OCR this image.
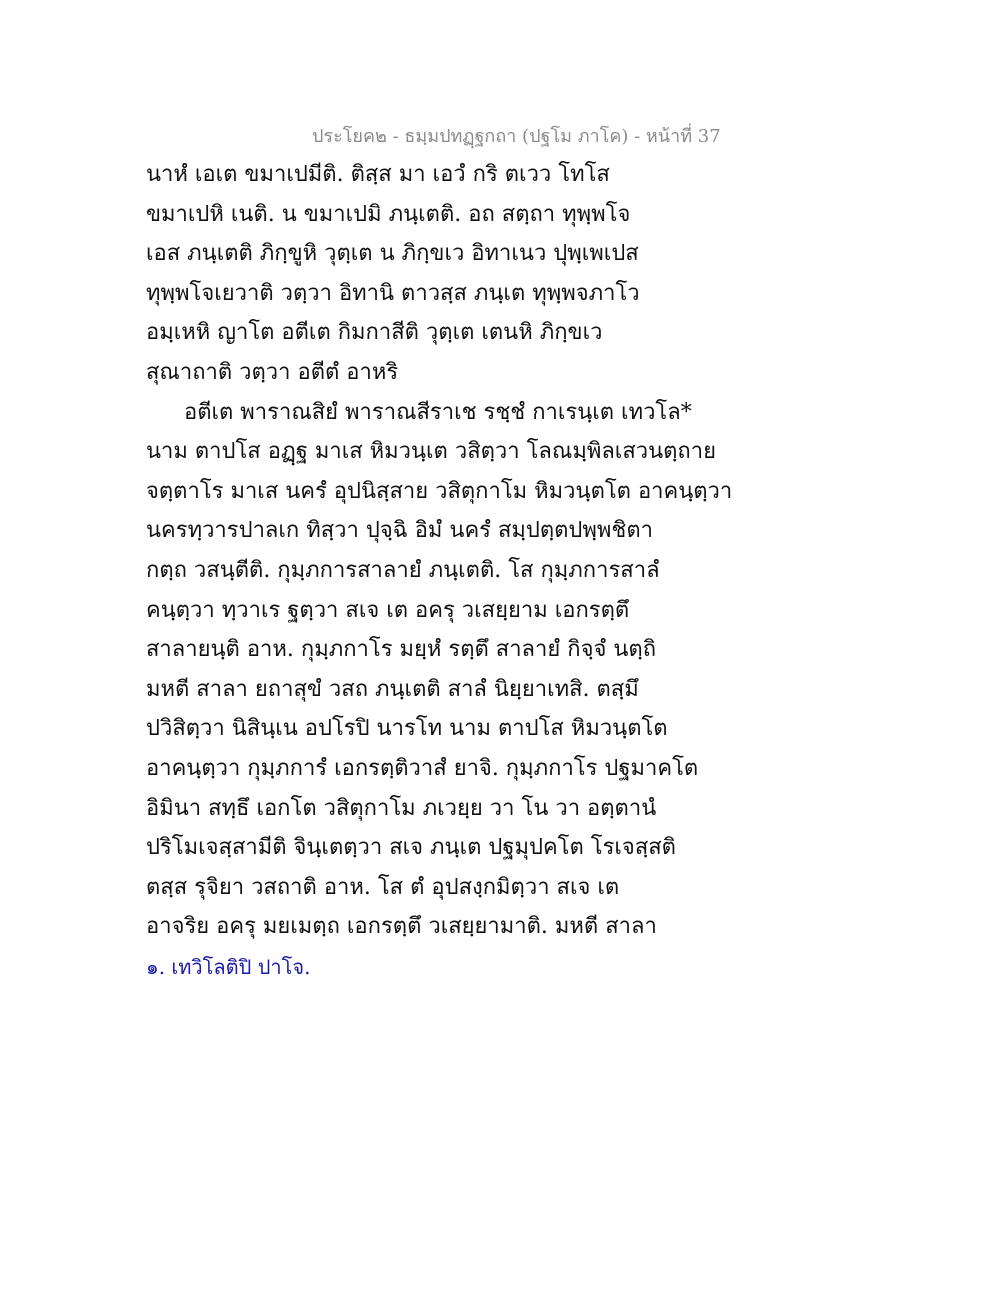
ประโยค๒ - ธมฺมปทฏฺฐกถา (ปฐโม ภาโค) - หน้าที่ 37
นาหํ เอเต ขมาเปมีติ. ติสฺส มา เอวํ กริ ตเวว โทโส
ขมาเปหิ เนติ. น ขมาเปมิ ภนฺเตติ. อถ สตฺถา ทุพฺพโจ
เอส ภนฺเตติ ภิกฺขูหิ วุตฺเต น ภิกฺขเว อิทาเนว ปุพฺเพเปส
ทุพฺพโจเยวาติ วตฺวา อิทานิ ตาวสฺส ภนฺเต ทุพฺพจภาโว
อมฺเหหิ ญาโต อตีเต กิมกาสีติ วุตฺเต เตนหิ ภิกฺขเว
สุณาถาติ วตฺวา อตีตํ อาหริ
อตีเต พาราณสิยํ พาราณสีราเช รชฺชํ กาเรนฺเต เทวโล*
นาม ตาปโส อฏฺฐ มาเส หิมวนฺเต วสิตฺวา โลณมฺพิลเสวนตฺถาย
จตฺตาโร มาเส นครํ อุปนิสฺสาย วสิตุกาโม หิมวนฺตโต อาคนฺตฺวา
นครทฺวารปาลเก ทิสฺวา ปุจฺฉิ อิมํ นครํ สมฺปตฺตปพฺพชิตา
กตฺถ วสนฺตีติ. กุมฺภการสาลายํ ภนฺเตติ. โส กุมฺภการสาลํ
คนฺตฺวา ทฺวาเร ฐตฺวา สเจ เต อครุ วเสยฺยาม เอกรตฺตึ
สาลายนฺติ อาห. กุมฺภกาโร มยฺหํ รตฺตึ สาลายํ กิจฺจํ นตฺถิ
มหตี สาลา ยถาสุขํ วสถ ภนฺเตติ สาลํ นิยฺยาเทสิ. ตสฺมึ
ปวิสิตฺวา นิสินฺเน อปโรปิ นารโท นาม ตาปโส หิมวนฺตโต
อาคนฺตฺวา กุมฺภการํ เอกรตฺติวาสํ ยาจิ. กุมฺภกาโร ปฐมาคโต
อิมินา สทฺธึ เอกโต วสิตุกาโม ภเวยฺย วา โน วา อตฺตานํ
ปริโมเจสฺสามีติ จินฺเตตฺวา สเจ ภนฺเต ปฐมุปคโต โรเจสฺสติ
ตสฺส รุจิยา วสถาติ อาห. โส ตํ อุปสงฺกมิตฺวา สเจ เต
อาจริย อครุ มยเมตฺถ เอกรตฺตึ วเสยฺยามาติ. มหตี สาลา
๑. เทวิโลติปิ ปาโจ.
